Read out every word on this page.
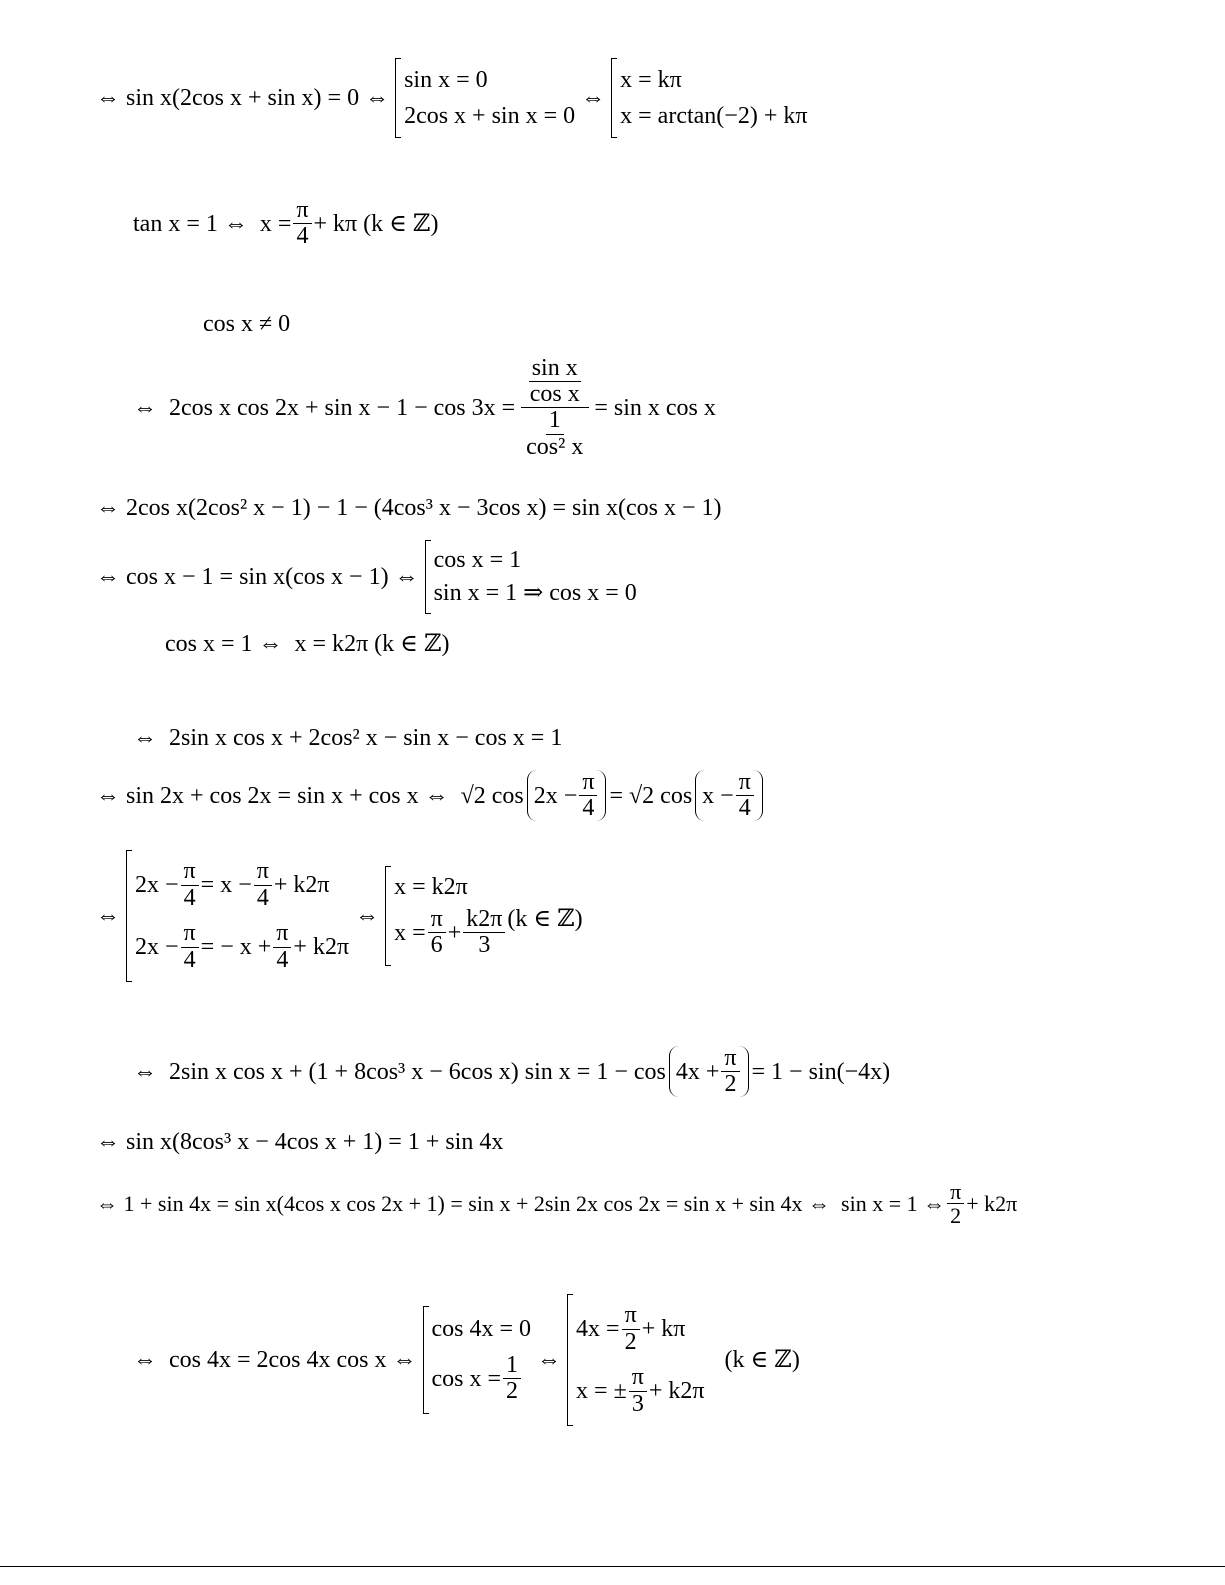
⇔ sin x(2cos x + sin x) = 0 ⇔
sin x = 0
2cos x + sin x = 0
⇔
x = kπ
x = arctan(−2) + kπ
tan x = 1 ⇔  $x = \frac{\pi}{4} + k\pi$ (k ∈ ℤ)
cos x ≠ 0
⇔  2cos x $\cos 2x + \sin x - 1 - \cos 3x = \frac{\frac{\text{sin x}}{\text{cos x}}}{\frac{1}{\text{cos² x}}} = \sin x$ cos x
⇔ 2cos x(2cos² x − 1) − 1 − (4cos³ x − 3cos x) = sin x(cos x − 1)
⇔ cos x − 1 = sin x(cos x − 1) ⇔
cos x = 1
sin x = 1 ⇒ cos x = 0
cos x = 1 ⇔  x = k2π (k ∈ ℤ)
⇔  2sin x cos x + 2cos² x − sin x − cos x = 1
⇔ sin 2x + cos 2x = sin x + cos x ⇔  √2 $\cos 2x - \frac{\pi}{4} = √2$ $\cos x - \frac{\pi}{4}$
⇔
$2x - \frac{\pi}{4} = x - \frac{\pi}{4} + k2\pi$
$2x - \frac{\pi}{4}$ = − $x + \frac{\pi}{4} + k2\pi$
⇔
x = k2π
$x = \frac{\pi}{6} + \frac{k2\pi}{3} (k$ ∈ ℤ)
⇔  2sin x cos x + (1 + 8cos³ x − 6cos x) $\sin x = 1 - \cos 4x + \frac{\pi}{2} = 1 - \sin(-4x)$
⇔ sin x(8cos³ x − 4cos x + 1) = 1 + sin 4x
⇔ 1 + sin 4x = sin x(4cos x cos 2x + 1) = sin x + 2sin 2x cos 2x = sin x + sin 4x ⇔  sin x = 1 ⇔ $\frac{\pi}{2} + k2\pi$
⇔  cos 4x = 2cos 4x cos x ⇔
cos 4x = 0
$\cos x = \frac{1}{2}$ ⇔
$4x = \frac{\pi}{2} + k\pi$
x = ± $\frac{\pi}{3} + k2\pi$
(k ∈ ℤ)
